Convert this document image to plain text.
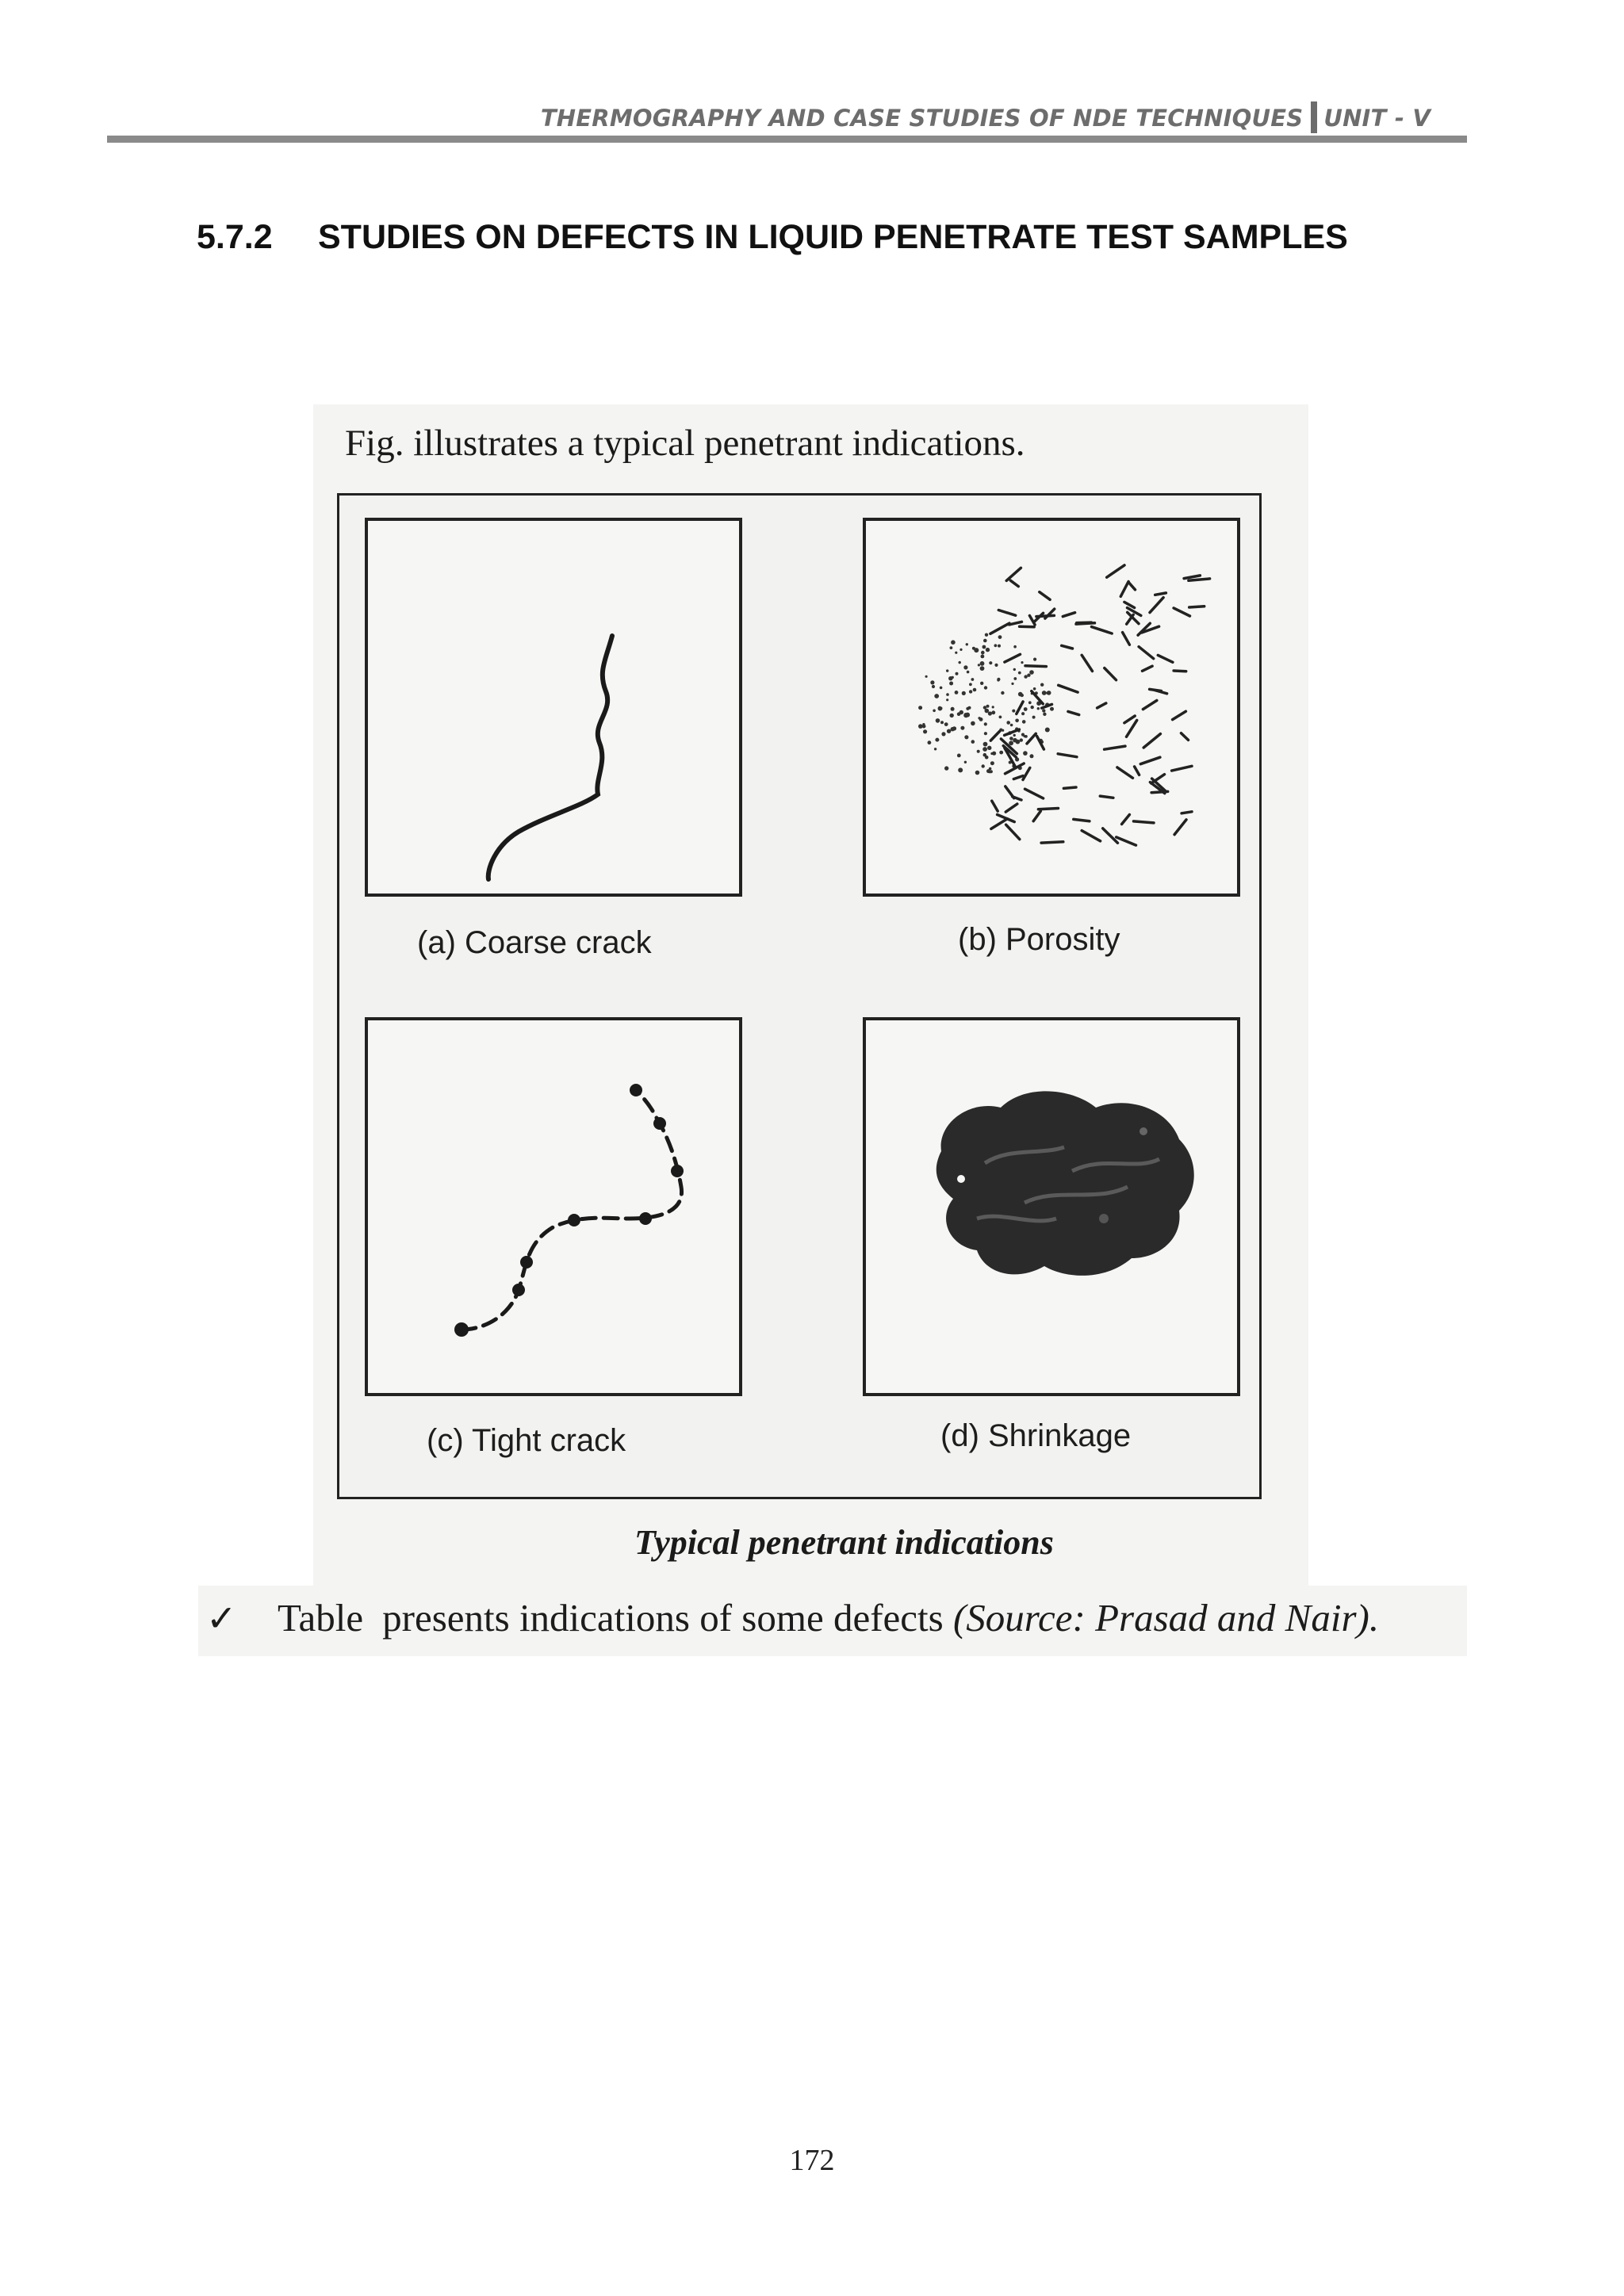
THERMOGRAPHY AND CASE STUDIES OF NDE TECHNIQUES UNIT - V
5.7.2 STUDIES ON DEFECTS IN LIQUID PENETRATE TEST SAMPLES
Fig. illustrates a typical penetrant indications.
(a) Coarse crack	(b) Porosity
(c) Tight crack	(d) Shrinkage
Typical penetrant indications
✓ Table presents indications of some defects (Source: Prasad and Nair).
172
